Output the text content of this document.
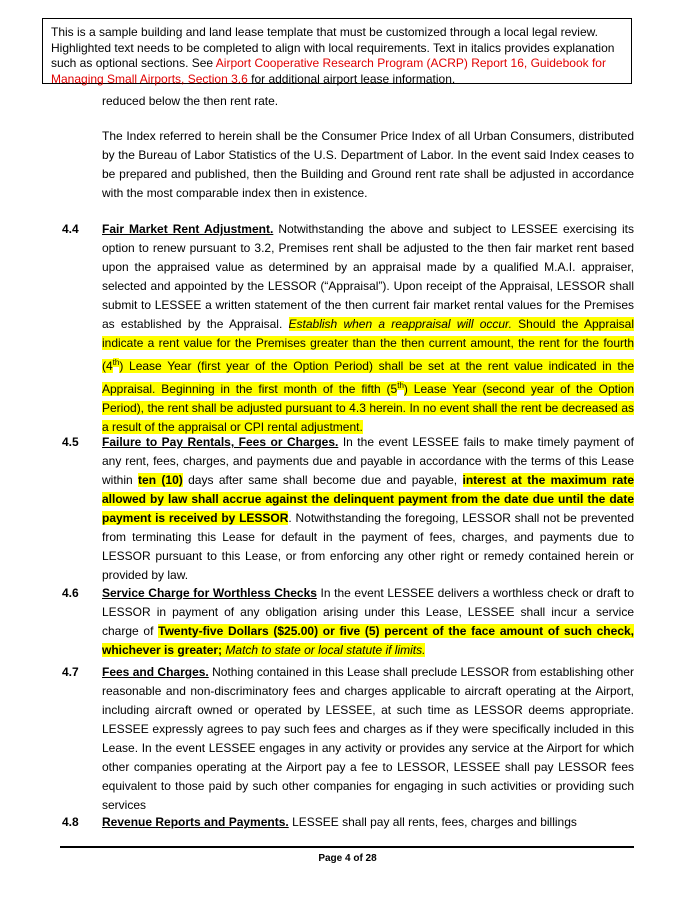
This is a sample building and land lease template that must be customized through a local legal review. Highlighted text needs to be completed to align with local requirements. Text in italics provides explanation such as optional sections. See Airport Cooperative Research Program (ACRP) Report 16, Guidebook for Managing Small Airports, Section 3.6 for additional airport lease information.
reduced below the then rent rate.
The Index referred to herein shall be the Consumer Price Index of all Urban Consumers, distributed by the Bureau of Labor Statistics of the U.S. Department of Labor. In the event said Index ceases to be prepared and published, then the Building and Ground rent rate shall be adjusted in accordance with the most comparable index then in existence.
4.4 Fair Market Rent Adjustment. Notwithstanding the above and subject to LESSEE exercising its option to renew pursuant to 3.2, Premises rent shall be adjusted to the then fair market rent based upon the appraised value as determined by an appraisal made by a qualified M.A.I. appraiser, selected and appointed by the LESSOR (“Appraisal”). Upon receipt of the Appraisal, LESSOR shall submit to LESSEE a written statement of the then current fair market rental values for the Premises as established by the Appraisal. Establish when a reappraisal will occur. Should the Appraisal indicate a rent value for the Premises greater than the then current amount, the rent for the fourth (4th) Lease Year (first year of the Option Period) shall be set at the rent value indicated in the Appraisal. Beginning in the first month of the fifth (5th) Lease Year (second year of the Option Period), the rent shall be adjusted pursuant to 4.3 herein. In no event shall the rent be decreased as a result of the appraisal or CPI rental adjustment.
4.5 Failure to Pay Rentals, Fees or Charges. In the event LESSEE fails to make timely payment of any rent, fees, charges, and payments due and payable in accordance with the terms of this Lease within ten (10) days after same shall become due and payable, interest at the maximum rate allowed by law shall accrue against the delinquent payment from the date due until the date payment is received by LESSOR. Notwithstanding the foregoing, LESSOR shall not be prevented from terminating this Lease for default in the payment of fees, charges, and payments due to LESSOR pursuant to this Lease, or from enforcing any other right or remedy contained herein or provided by law.
4.6 Service Charge for Worthless Checks In the event LESSEE delivers a worthless check or draft to LESSOR in payment of any obligation arising under this Lease, LESSEE shall incur a service charge of Twenty-five Dollars ($25.00) or five (5) percent of the face amount of such check, whichever is greater; Match to state or local statute if limits.
4.7 Fees and Charges. Nothing contained in this Lease shall preclude LESSOR from establishing other reasonable and non-discriminatory fees and charges applicable to aircraft operating at the Airport, including aircraft owned or operated by LESSEE, at such time as LESSOR deems appropriate. LESSEE expressly agrees to pay such fees and charges as if they were specifically included in this Lease. In the event LESSEE engages in any activity or provides any service at the Airport for which other companies operating at the Airport pay a fee to LESSOR, LESSEE shall pay LESSOR fees equivalent to those paid by such other companies for engaging in such activities or providing such services
4.8 Revenue Reports and Payments. LESSEE shall pay all rents, fees, charges and billings
Page 4 of 28
